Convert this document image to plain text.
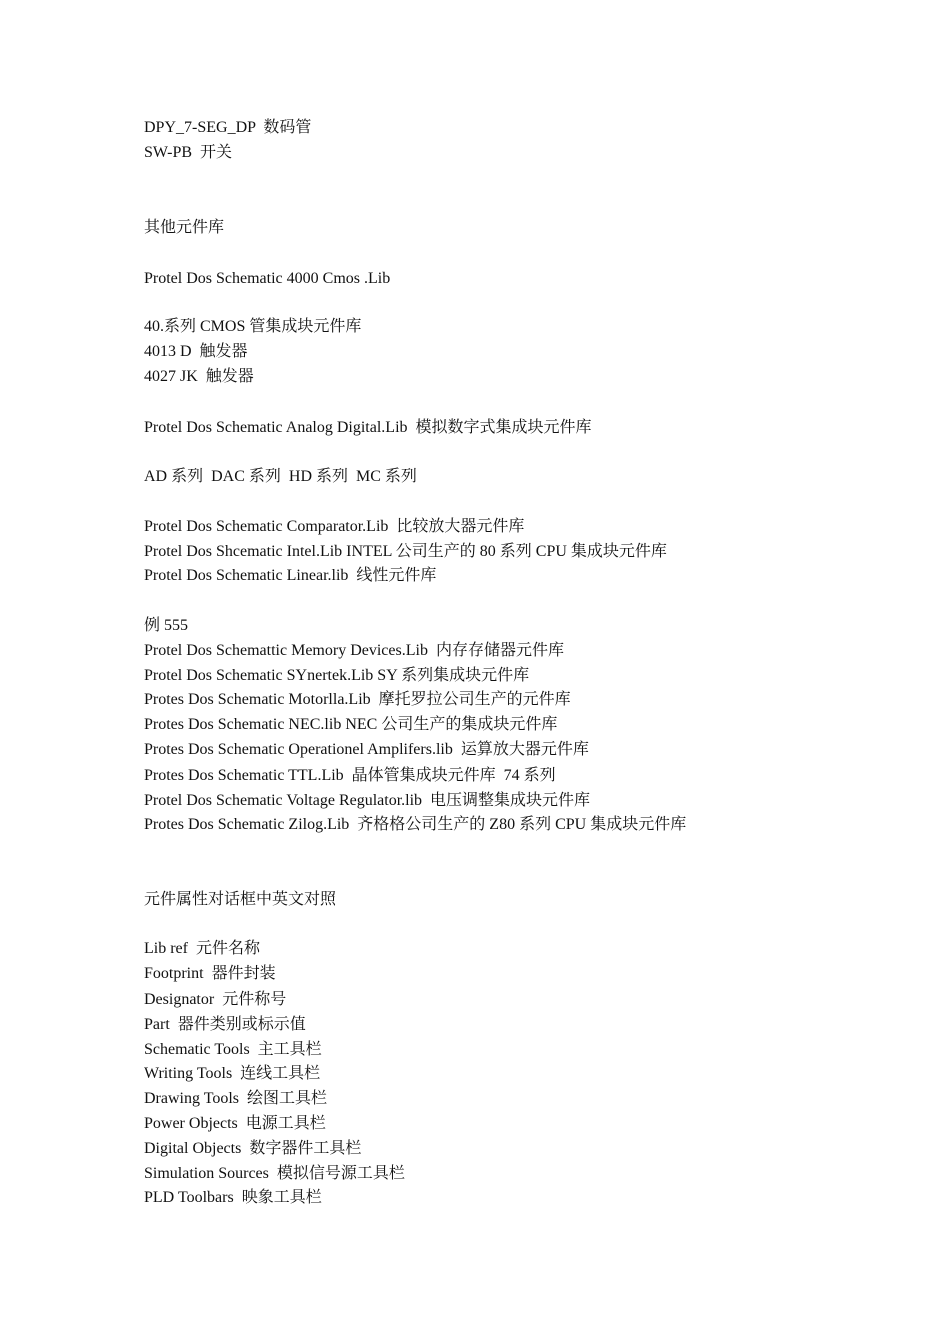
DPY_7-SEG_DP  数码管
SW-PB  开关
其他元件库
Protel Dos Schematic 4000 Cmos .Lib
40.系列 CMOS 管集成块元件库
4013 D  触发器
4027 JK  触发器
Protel Dos Schematic Analog Digital.Lib  模拟数字式集成块元件库
AD 系列  DAC 系列  HD 系列  MC 系列
Protel Dos Schematic Comparator.Lib  比较放大器元件库
Protel Dos Shcematic Intel.Lib INTEL 公司生产的 80 系列 CPU 集成块元件库
Protel Dos Schematic Linear.lib  线性元件库
例 555
Protel Dos Schemattic Memory Devices.Lib  内存存储器元件库
Protel Dos Schematic SYnertek.Lib SY 系列集成块元件库
Protes Dos Schematic Motorlla.Lib  摩托罗拉公司生产的元件库
Protes Dos Schematic NEC.lib NEC 公司生产的集成块元件库
Protes Dos Schematic Operationel Amplifers.lib  运算放大器元件库
Protes Dos Schematic TTL.Lib  晶体管集成块元件库  74 系列
Protel Dos Schematic Voltage Regulator.lib  电压调整集成块元件库
Protes Dos Schematic Zilog.Lib  齐格格公司生产的 Z80 系列 CPU 集成块元件库
元件属性对话框中英文对照
Lib ref  元件名称
Footprint  器件封装
Designator  元件称号
Part  器件类别或标示值
Schematic Tools  主工具栏
Writing Tools  连线工具栏
Drawing Tools  绘图工具栏
Power Objects  电源工具栏
Digital Objects  数字器件工具栏
Simulation Sources  模拟信号源工具栏
PLD Toolbars  映象工具栏
